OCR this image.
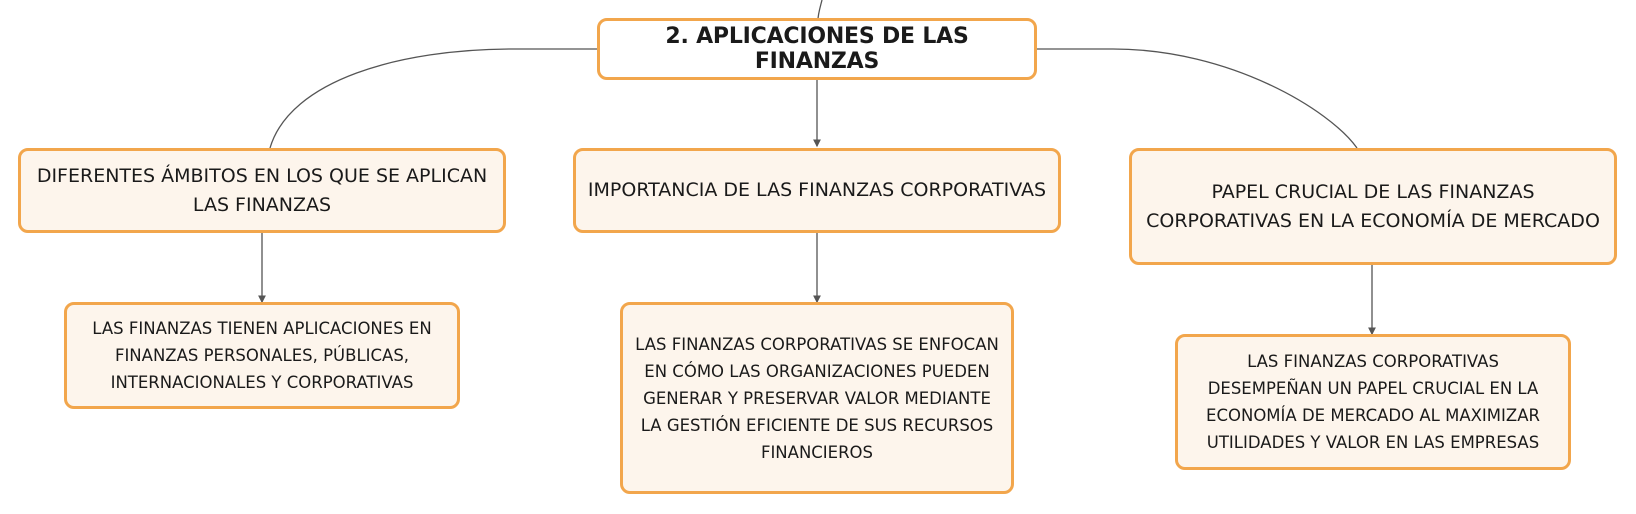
2. APLICACIONES DE LAS FINANZAS
DIFERENTES ÁMBITOS EN LOS QUE SE APLICAN LAS FINANZAS
IMPORTANCIA DE LAS FINANZAS CORPORATIVAS	PAPEL CRUCIAL DE LAS FINANZAS CORPORATIVAS EN LA ECONOMÍA DE MERCADO
LAS FINANZAS TIENEN APLICACIONES EN FINANZAS PERSONALES, PÚBLICAS, INTERNACIONALES Y CORPORATIVAS
LAS FINANZAS CORPORATIVAS SE ENFOCAN EN CÓMO LAS ORGANIZACIONES PUEDEN GENERAR Y PRESERVAR VALOR MEDIANTE LA GESTIÓN EFICIENTE DE SUS RECURSOS FINANCIEROS
LAS FINANZAS CORPORATIVAS DESEMPEÑAN UN PAPEL CRUCIAL EN LA ECONOMÍA DE MERCADO AL MAXIMIZAR UTILIDADES Y VALOR EN LAS EMPRESAS
